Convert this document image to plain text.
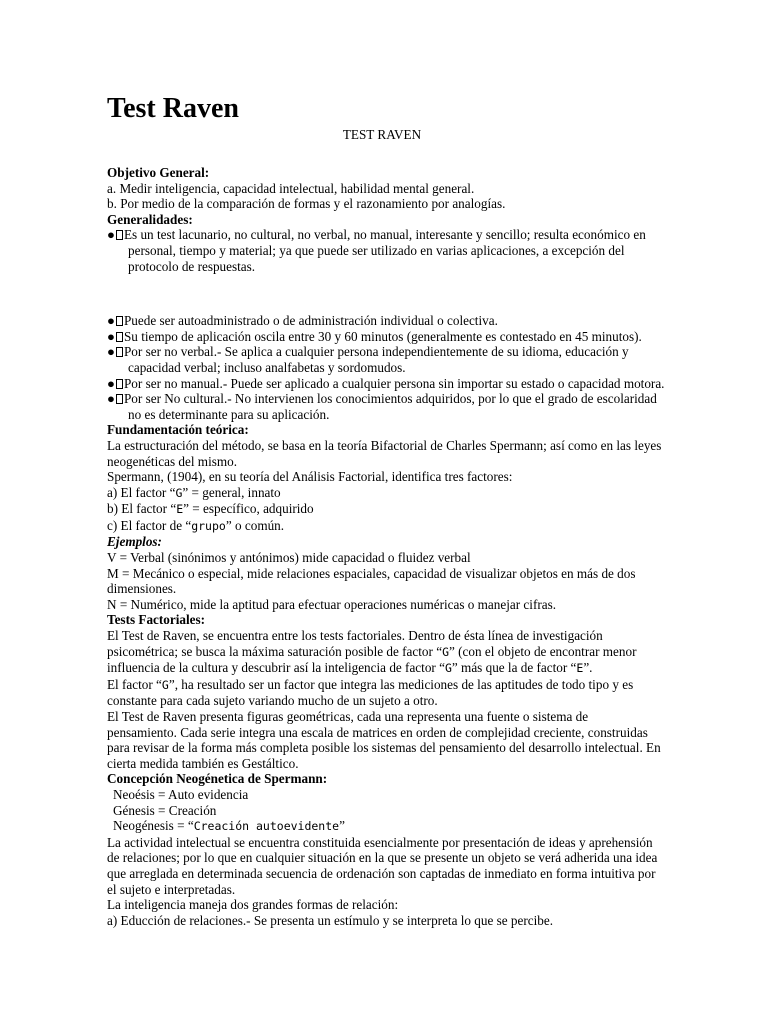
Test Raven
TEST RAVEN
Objetivo General:
a. Medir inteligencia, capacidad intelectual, habilidad mental general.
b. Por medio de la comparación de formas y el razonamiento por analogías.
Generalidades:
● Es un test lacunario, no cultural, no verbal, no manual, interesante y sencillo; resulta económico en
personal, tiempo y material; ya que puede ser utilizado en varias aplicaciones, a excepción del
protocolo de respuestas.
● Puede ser autoadministrado o de administración individual o colectiva.
● Su tiempo de aplicación oscila entre 30 y 60 minutos (generalmente es contestado en 45 minutos).
● Por ser no verbal.- Se aplica a cualquier persona independientemente de su idioma, educación y
capacidad verbal; incluso analfabetas y sordomudos.
● Por ser no manual.- Puede ser aplicado a cualquier persona sin importar su estado o capacidad motora.
● Por ser No cultural.- No intervienen los conocimientos adquiridos, por lo que el grado de escolaridad
no es determinante para su aplicación.
Fundamentación teórica:
La estructuración del método, se basa en la teoría Bifactorial de Charles Spermann; así como en las leyes
neogenéticas del mismo.
Spermann, (1904), en su teoría del Análisis Factorial, identifica tres factores:
a) El factor “G” = general, innato
b) El factor “E” = específico, adquirido
c) El factor de “grupo” o común.
Ejemplos:
V = Verbal (sinónimos y antónimos) mide capacidad o fluidez verbal
M = Mecánico o especial, mide relaciones espaciales, capacidad de visualizar objetos en más de dos
dimensiones.
N = Numérico, mide la aptitud para efectuar operaciones numéricas o manejar cifras.
Tests Factoriales:
El Test de Raven, se encuentra entre los tests factoriales. Dentro de ésta línea de investigación
psicométrica; se busca la máxima saturación posible de factor “G” (con el objeto de encontrar menor
influencia de la cultura y descubrir así la inteligencia de factor “G” más que la de factor “E”.
El factor “G”, ha resultado ser un factor que integra las mediciones de las aptitudes de todo tipo y es
constante para cada sujeto variando mucho de un sujeto a otro.
El Test de Raven presenta figuras geométricas, cada una representa una fuente o sistema de
pensamiento. Cada serie integra una escala de matrices en orden de complejidad creciente, construidas
para revisar de la forma más completa posible los sistemas del pensamiento del desarrollo intelectual. En
cierta medida también es Gestáltico.
Concepción Neogénetica de Spermann:
Neoésis = Auto evidencia
Génesis = Creación
Neogénesis = “Creación autoevidente”
La actividad intelectual se encuentra constituida esencialmente por presentación de ideas y aprehensión
de relaciones; por lo que en cualquier situación en la que se presente un objeto se verá adherida una idea
que arreglada en determinada secuencia de ordenación son captadas de inmediato en forma intuitiva por
el sujeto e interpretadas.
La inteligencia maneja dos grandes formas de relación:
a) Educción de relaciones.- Se presenta un estímulo y se interpreta lo que se percibe.
